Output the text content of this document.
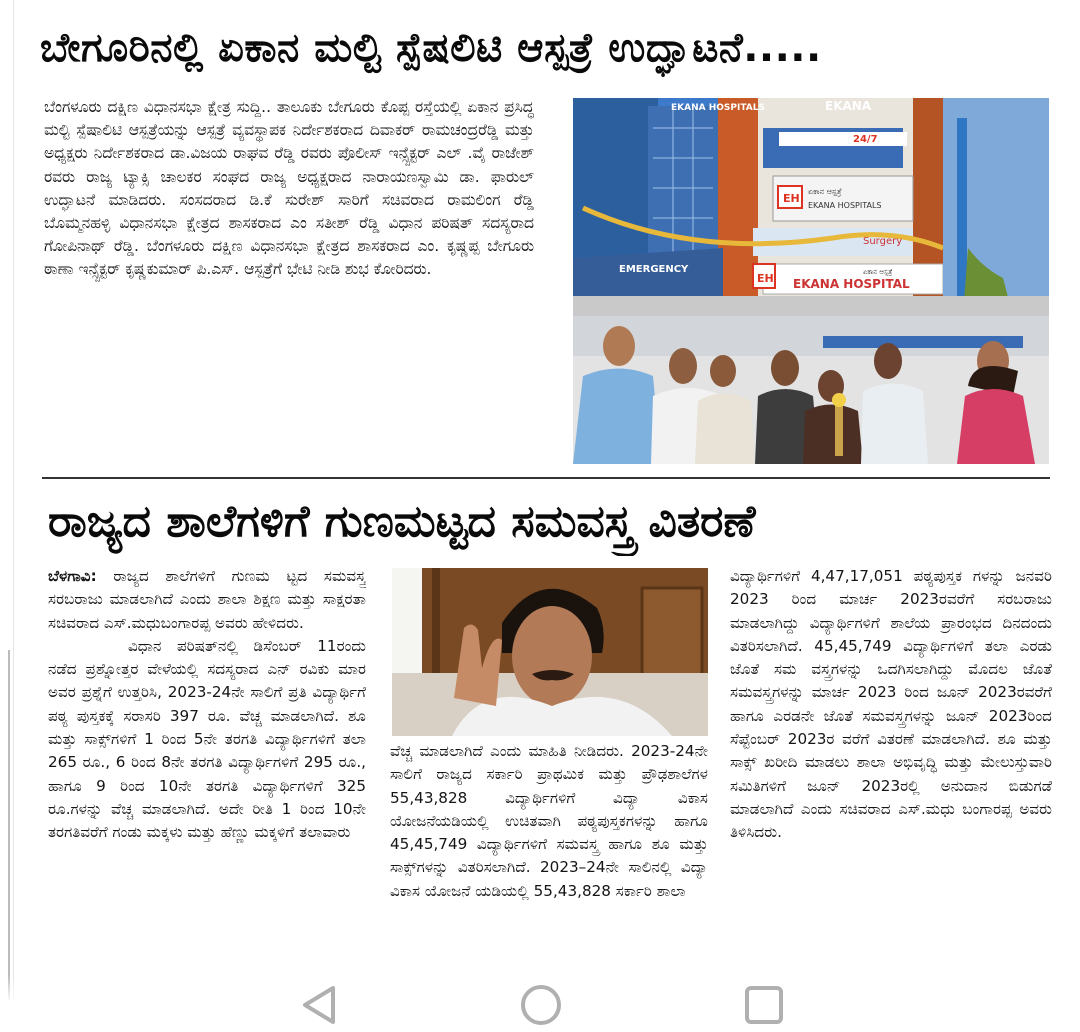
ಬೇಗೂರಿನಲ್ಲಿ ಏಕಾನ ಮಲ್ಟಿ ಸ್ಪೆಷಲಿಟಿ ಆಸ್ಪತ್ರೆ ಉದ್ಘಾಟನೆ.....

ಬೆಂಗಳೂರು ದಕ್ಷಿಣ ವಿಧಾನಸಭಾ ಕ್ಷೇತ್ರ ಸುದ್ದಿ.. ತಾಲೂಕು ಬೇಗೂರು ಕೊಪ್ಪ ರಸ್ತೆಯಲ್ಲಿ ಏಕಾನ ಪ್ರಸಿದ್ಧ ಮಲ್ಟಿ ಸ್ಪೆಷಾಲಿಟಿ ಆಸ್ಪತ್ರೆಯನ್ನು ಆಸ್ಪತ್ರೆ ವ್ಯವಸ್ಥಾಪಕ ನಿರ್ದೇಶಕರಾದ ದಿವಾಕರ್ ರಾಮಚಂದ್ರರೆಡ್ಡಿ ಮತ್ತು ಅಧ್ಯಕ್ಷರು ನಿರ್ದೇಶಕರಾದ ಡಾ.ವಿಜಯ ರಾಘವ ರೆಡ್ಡಿ ರವರು ಪೊಲೀಸ್ ಇನ್ಸ್ಪೆಕ್ಟರ್ ಎಲ್ .ವೈ ರಾಜೇಶ್ ರವರು ರಾಜ್ಯ ಟ್ಯಾಕ್ಸಿ ಚಾಲಕರ ಸಂಘದ ರಾಜ್ಯ ಅಧ್ಯಕ್ಷರಾದ ನಾರಾಯಣಸ್ವಾಮಿ ಡಾ. ಫಾರುಲ್ ಉದ್ಘಾಟನೆ ಮಾಡಿದರು. ಸಂಸದರಾದ ಡಿ.ಕೆ ಸುರೇಶ್ ಸಾರಿಗೆ ಸಚಿವರಾದ ರಾಮಲಿಂಗ ರೆಡ್ಡಿ ಬೊಮ್ಮನಹಳ್ಳಿ ವಿಧಾನಸಭಾ ಕ್ಷೇತ್ರದ ಶಾಸಕರಾದ ಎಂ ಸತೀಶ್ ರೆಡ್ಡಿ ವಿಧಾನ ಪರಿಷತ್ ಸದಸ್ಯರಾದ ಗೋಪಿನಾಥ್ ರೆಡ್ಡಿ. ಬೆಂಗಳೂರು ದಕ್ಷಿಣ ವಿಧಾನಸಭಾ ಕ್ಷೇತ್ರದ ಶಾಸಕರಾದ ಎಂ. ಕೃಷ್ಣಪ್ಪ ಬೇಗೂರು ಠಾಣಾ ಇನ್ಸ್ಪೆಕ್ಟರ್ ಕೃಷ್ಣಕುಮಾರ್ ಪಿ.ಎಸ್. ಆಸ್ಪತ್ರೆಗೆ ಭೇಟಿ ನೀಡಿ ಶುಭ ಕೋರಿದರು.	EMERGENCY
EKANA HOSPITALS	EKANA
24/7
EH
ಏಕಾನ ಆಸ್ಪತ್ರೆ
EKANA HOSPITALS
Surgery
EH	ಏಕಾನ ಆಸ್ಪತ್ರೆ
EKANA HOSPITAL
ರಾಜ್ಯದ ಶಾಲೆಗಳಿಗೆ ಗುಣಮಟ್ಟದ ಸಮವಸ್ತ್ರ ವಿತರಣೆ
ಬೆಳಗಾವಿ: ರಾಜ್ಯದ ಶಾಲೆಗಳಿಗೆ ಗುಣಮ ಟ್ಟದ ಸಮವಸ್ತ್ರ ಸರಬರಾಜು ಮಾಡಲಾಗಿದೆ ಎಂದು ಶಾಲಾ ಶಿಕ್ಷಣ ಮತ್ತು ಸಾಕ್ಷರತಾ ಸಚಿವರಾದ ಎಸ್.ಮಧುಬಂಗಾರಪ್ಪ ಅವರು ಹೇಳಿದರು.
ವಿಧಾನ ಪರಿಷತ್‌ನಲ್ಲಿ ಡಿಸೆಂಬರ್ 11ರಂದು ನಡೆದ ಪ್ರಶ್ನೋತ್ತರ ವೇಳೆಯಲ್ಲಿ ಸದಸ್ಯರಾದ ಎನ್ ರವಿಕು ಮಾರ ಅವರ ಪ್ರಶ್ನೆಗೆ ಉತ್ತರಿಸಿ, 2023-24ನೇ ಸಾಲಿಗೆ ಪ್ರತಿ ವಿದ್ಯಾರ್ಥಿಗೆ ಪಠ್ಯ ಪುಸ್ತಕಕ್ಕೆ ಸರಾಸರಿ 397 ರೂ. ವೆಚ್ಚ ಮಾಡಲಾಗಿದೆ. ಶೂ ಮತ್ತು ಸಾಕ್ಸ್‌ಗಳಿಗೆ 1 ರಿಂದ 5ನೇ ತರಗತಿ ವಿದ್ಯಾರ್ಥಿಗಳಿಗೆ ತಲಾ 265 ರೂ., 6 ರಿಂದ 8ನೇ ತರಗತಿ ವಿದ್ಯಾರ್ಥಿಗಳಿಗೆ 295 ರೂ., ಹಾಗೂ 9 ರಿಂದ 10ನೇ ತರಗತಿ ವಿದ್ಯಾರ್ಥಿಗಳಿಗೆ 325 ರೂ.ಗಳನ್ನು ವೆಚ್ಚ ಮಾಡಲಾಗಿದೆ. ಅದೇ ರೀತಿ 1 ರಿಂದ 10ನೇ ತರಗತಿವರೆಗೆ ಗಂಡು ಮಕ್ಕಳು ಮತ್ತು ಹೆಣ್ಣು ಮಕ್ಕಳಿಗೆ ತಲಾವಾರು
ವೆಚ್ಚ ಮಾಡಲಾಗಿದೆ ಎಂದು ಮಾಹಿತಿ ನೀಡಿದರು. 2023-24ನೇ ಸಾಲಿಗೆ ರಾಜ್ಯದ ಸರ್ಕಾರಿ ಪ್ರಾಥಮಿಕ ಮತ್ತು ಪ್ರೌಢಶಾಲೆಗಳ 55,43,828 ವಿದ್ಯಾರ್ಥಿಗಳಿಗೆ ವಿದ್ಯಾ ವಿಕಾಸ ಯೋಜನೆಯಡಿಯಲ್ಲಿ ಉಚಿತವಾಗಿ ಪಠ್ಯಪುಸ್ತಕಗಳನ್ನು ಹಾಗೂ 45,45,749 ವಿದ್ಯಾರ್ಥಿಗಳಿಗೆ ಸಮವಸ್ತ್ರ ಹಾಗೂ ಶೂ ಮತ್ತು ಸಾಕ್ಸ್‌ಗಳನ್ನು ವಿತರಿಸಲಾಗಿದೆ. 2023–24ನೇ ಸಾಲಿನಲ್ಲಿ ವಿದ್ಯಾ ವಿಕಾಸ ಯೋಜನೆ ಯಡಿಯಲ್ಲಿ 55,43,828 ಸರ್ಕಾರಿ ಶಾಲಾ
ವಿದ್ಯಾರ್ಥಿಗಳಿಗೆ 4,47,17,051 ಪಠ್ಯಪುಸ್ತಕ ಗಳನ್ನು ಜನವರಿ 2023 ರಿಂದ ಮಾರ್ಚ 2023ರವರೆಗೆ ಸರಬರಾಜು ಮಾಡಲಾಗಿದ್ದು ವಿದ್ಯಾರ್ಥಿಗಳಿಗೆ ಶಾಲೆಯ ಪ್ರಾರಂಭದ ದಿನದಂದು ವಿತರಿಸಲಾಗಿದೆ. 45,45,749 ವಿದ್ಯಾರ್ಥಿಗಳಿಗೆ ತಲಾ ಎರಡು ಜೊತೆ ಸಮ ವಸ್ತ್ರಗಳನ್ನು ಒದಗಿಸಲಾಗಿದ್ದು ಮೊದಲ ಜೊತೆ ಸಮವಸ್ತ್ರಗಳನ್ನು ಮಾರ್ಚ 2023 ರಿಂದ ಜೂನ್ 2023ರವರೆಗೆ ಹಾಗೂ ಎರಡನೇ ಜೊತೆ ಸಮವಸ್ತ್ರಗಳನ್ನು ಜೂನ್ 2023ರಿಂದ ಸೆಪ್ಟೆಂಬರ್ 2023ರ ವರೆಗೆ ವಿತರಣೆ ಮಾಡಲಾಗಿದೆ. ಶೂ ಮತ್ತು ಸಾಕ್ಸ್ ಖರೀದಿ ಮಾಡಲು ಶಾಲಾ ಅಭಿವೃದ್ಧಿ ಮತ್ತು ಮೇಲುಸ್ತುವಾರಿ ಸಮಿತಿಗಳಿಗೆ ಜೂನ್ 2023ರಲ್ಲಿ ಅನುದಾನ ಬಿಡುಗಡೆ ಮಾಡಲಾಗಿದೆ ಎಂದು ಸಚಿವರಾದ ಎಸ್.ಮಧು ಬಂಗಾರಪ್ಪ ಅವರು ತಿಳಿಸಿದರು.
